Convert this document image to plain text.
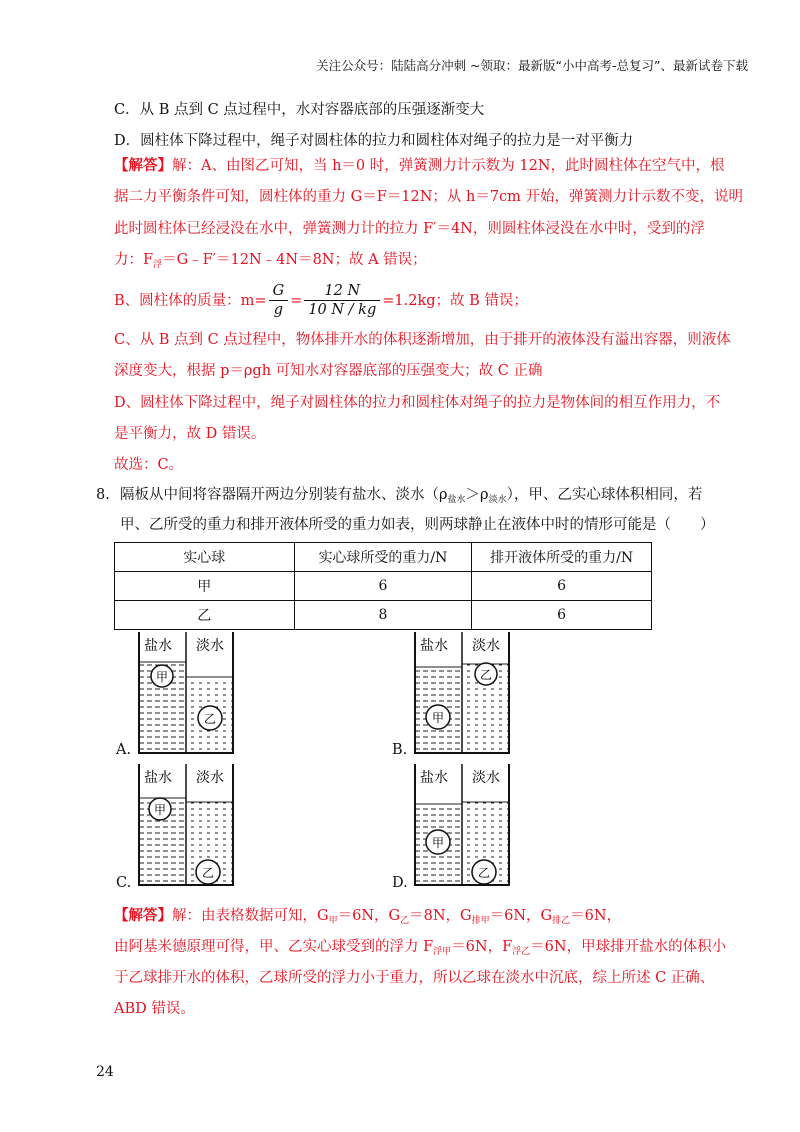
关注公众号：陆陆高分冲刺 ~领取：最新版“小中高考-总复习”、最新试卷下载
C．从 B 点到 C 点过程中，水对容器底部的压强逐渐变大
D．圆柱体下降过程中，绳子对圆柱体的拉力和圆柱体对绳子的拉力是一对平衡力
【解答】解：A、由图乙可知，当 h＝0 时，弹簧测力计示数为 12N，此时圆柱体在空气中，根
据二力平衡条件可知，圆柱体的重力 G＝F＝12N；从 h＝7cm 开始，弹簧测力计示数不变，说明
此时圆柱体已经浸没在水中，弹簧测力计的拉力 F′＝4N，则圆柱体浸没在水中时，受到的浮
力：$F_浮=G﹣F'=12N﹣4N=8N$；故 A 错误；
B、圆柱体的质量：$m= \frac{G}{g} = \frac{12 N}{10 N / kg} =1.2kg$；故 B 错误；
C、从 B 点到 C 点过程中，物体排开水的体积逐渐增加，由于排开的液体没有溢出容器，则液体
深度变大，根据 p＝ρgh 可知水对容器底部的压强变大；故 C 正确
D、圆柱体下降过程中，绳子对圆柱体的拉力和圆柱体对绳子的拉力是物体间的相互作用力，不
是平衡力，故 D 错误。
故选：C。
8. 隔板从中间将容器隔开两边分别装有盐水、淡水$(\rho_{盐水}>\rho_{淡水})$，甲、乙实心球体积相同，若
甲、乙所受的重力和排开液体所受的重力如表，则两球静止在液体中时的情形可能是（　　）
实心球	实心球所受的重力/N	排开液体所受的重力/N
甲	6	6
乙	8	6
盐水 淡水
甲
乙
A.
盐水 淡水
甲
乙
B.
盐水 淡水
甲
乙
C.
盐水 淡水
甲
乙
D.
【解答】解：由表格数据可知，$G_甲=6N$，$G_乙=8N$，$G_{排甲}=6N$，$G_{排乙}=6N$，
由阿基米德原理可得，甲、乙实心球受到的浮力 $F_{浮甲}=6N$，$F_{浮乙}=6N$，甲球排开盐水的体积小
于乙球排开水的体积，乙球所受的浮力小于重力，所以乙球在淡水中沉底，综上所述 C 正确、
ABD 错误。
24
